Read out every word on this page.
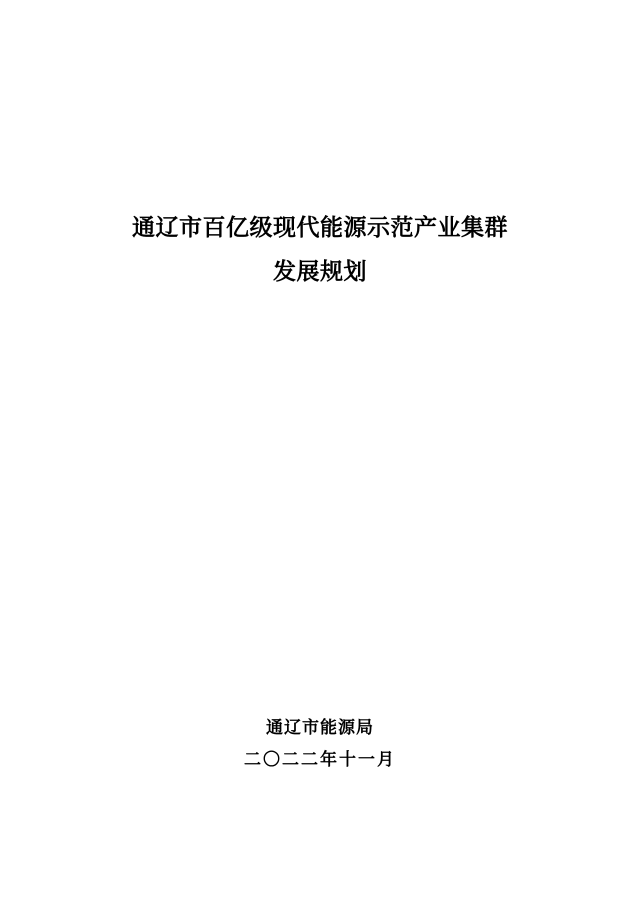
通辽市百亿级现代能源示范产业集群
发展规划
通辽市能源局
二〇二二年十一月
